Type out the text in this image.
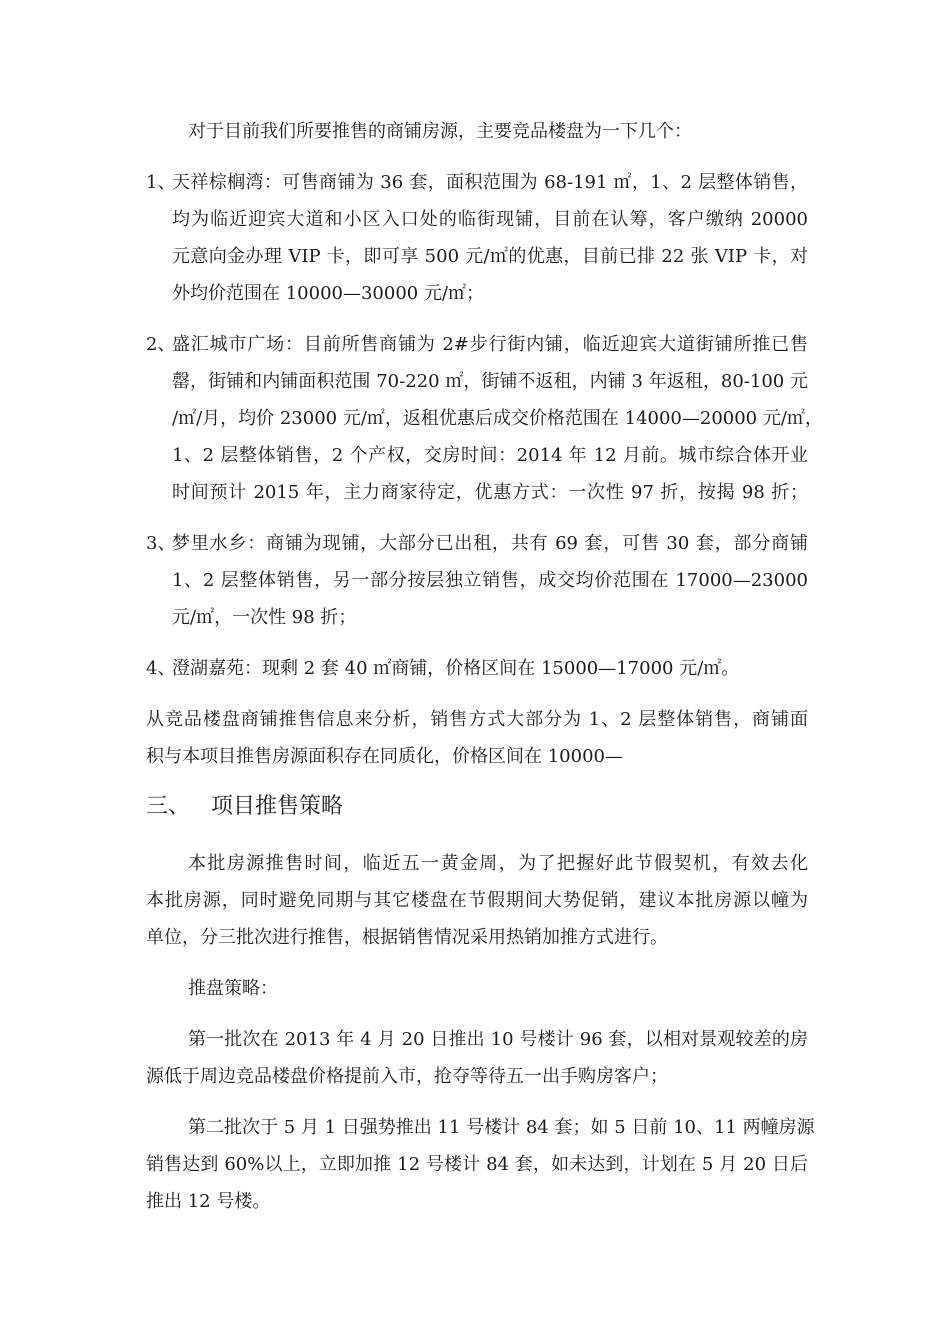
对于目前我们所要推售的商铺房源，主要竞品楼盘为一下几个：
1、
天祥棕榈湾：可售商铺为 36 套，面积范围为 68-191 ㎡，1、2 层整体销售，
均为临近迎宾大道和小区入口处的临街现铺，目前在认筹，客户缴纳 20000
元意向金办理 VIP 卡，即可享 500 元/㎡的优惠，目前已排 22 张 VIP 卡，对
外均价范围在 10000—30000 元/㎡；
2、
盛汇城市广场：目前所售商铺为 2#步行街内铺，临近迎宾大道街铺所推已售
罄，街铺和内铺面积范围 70-220 ㎡，街铺不返租，内铺 3 年返租，80-100 元
/㎡/月，均价 23000 元/㎡，返租优惠后成交价格范围在 14000—20000 元/㎡，
1、2 层整体销售，2 个产权，交房时间：2014 年 12 月前。城市综合体开业
时间预计 2015 年，主力商家待定，优惠方式：一次性 97 折，按揭 98 折；
3、
梦里水乡：商铺为现铺，大部分已出租，共有 69 套，可售 30 套，部分商铺
1、2 层整体销售，另一部分按层独立销售，成交均价范围在 17000—23000
元/㎡，一次性 98 折；
4、
澄湖嘉苑：现剩 2 套 40 ㎡商铺，价格区间在 15000—17000 元/㎡。
从竞品楼盘商铺推售信息来分析，销售方式大部分为 1、2 层整体销售，商铺面
积与本项目推售房源面积存在同质化，价格区间在 10000—
三、 项目推售策略
本批房源推售时间，临近五一黄金周，为了把握好此节假契机，有效去化
本批房源，同时避免同期与其它楼盘在节假期间大势促销，建议本批房源以幢为
单位，分三批次进行推售，根据销售情况采用热销加推方式进行。
推盘策略：
第一批次在 2013 年 4 月 20 日推出 10 号楼计 96 套，以相对景观较差的房
源低于周边竞品楼盘价格提前入市，抢夺等待五一出手购房客户；
第二批次于 5 月 1 日强势推出 11 号楼计 84 套；如 5 日前 10、11 两幢房源
销售达到 60%以上，立即加推 12 号楼计 84 套，如未达到，计划在 5 月 20 日后
推出 12 号楼。
